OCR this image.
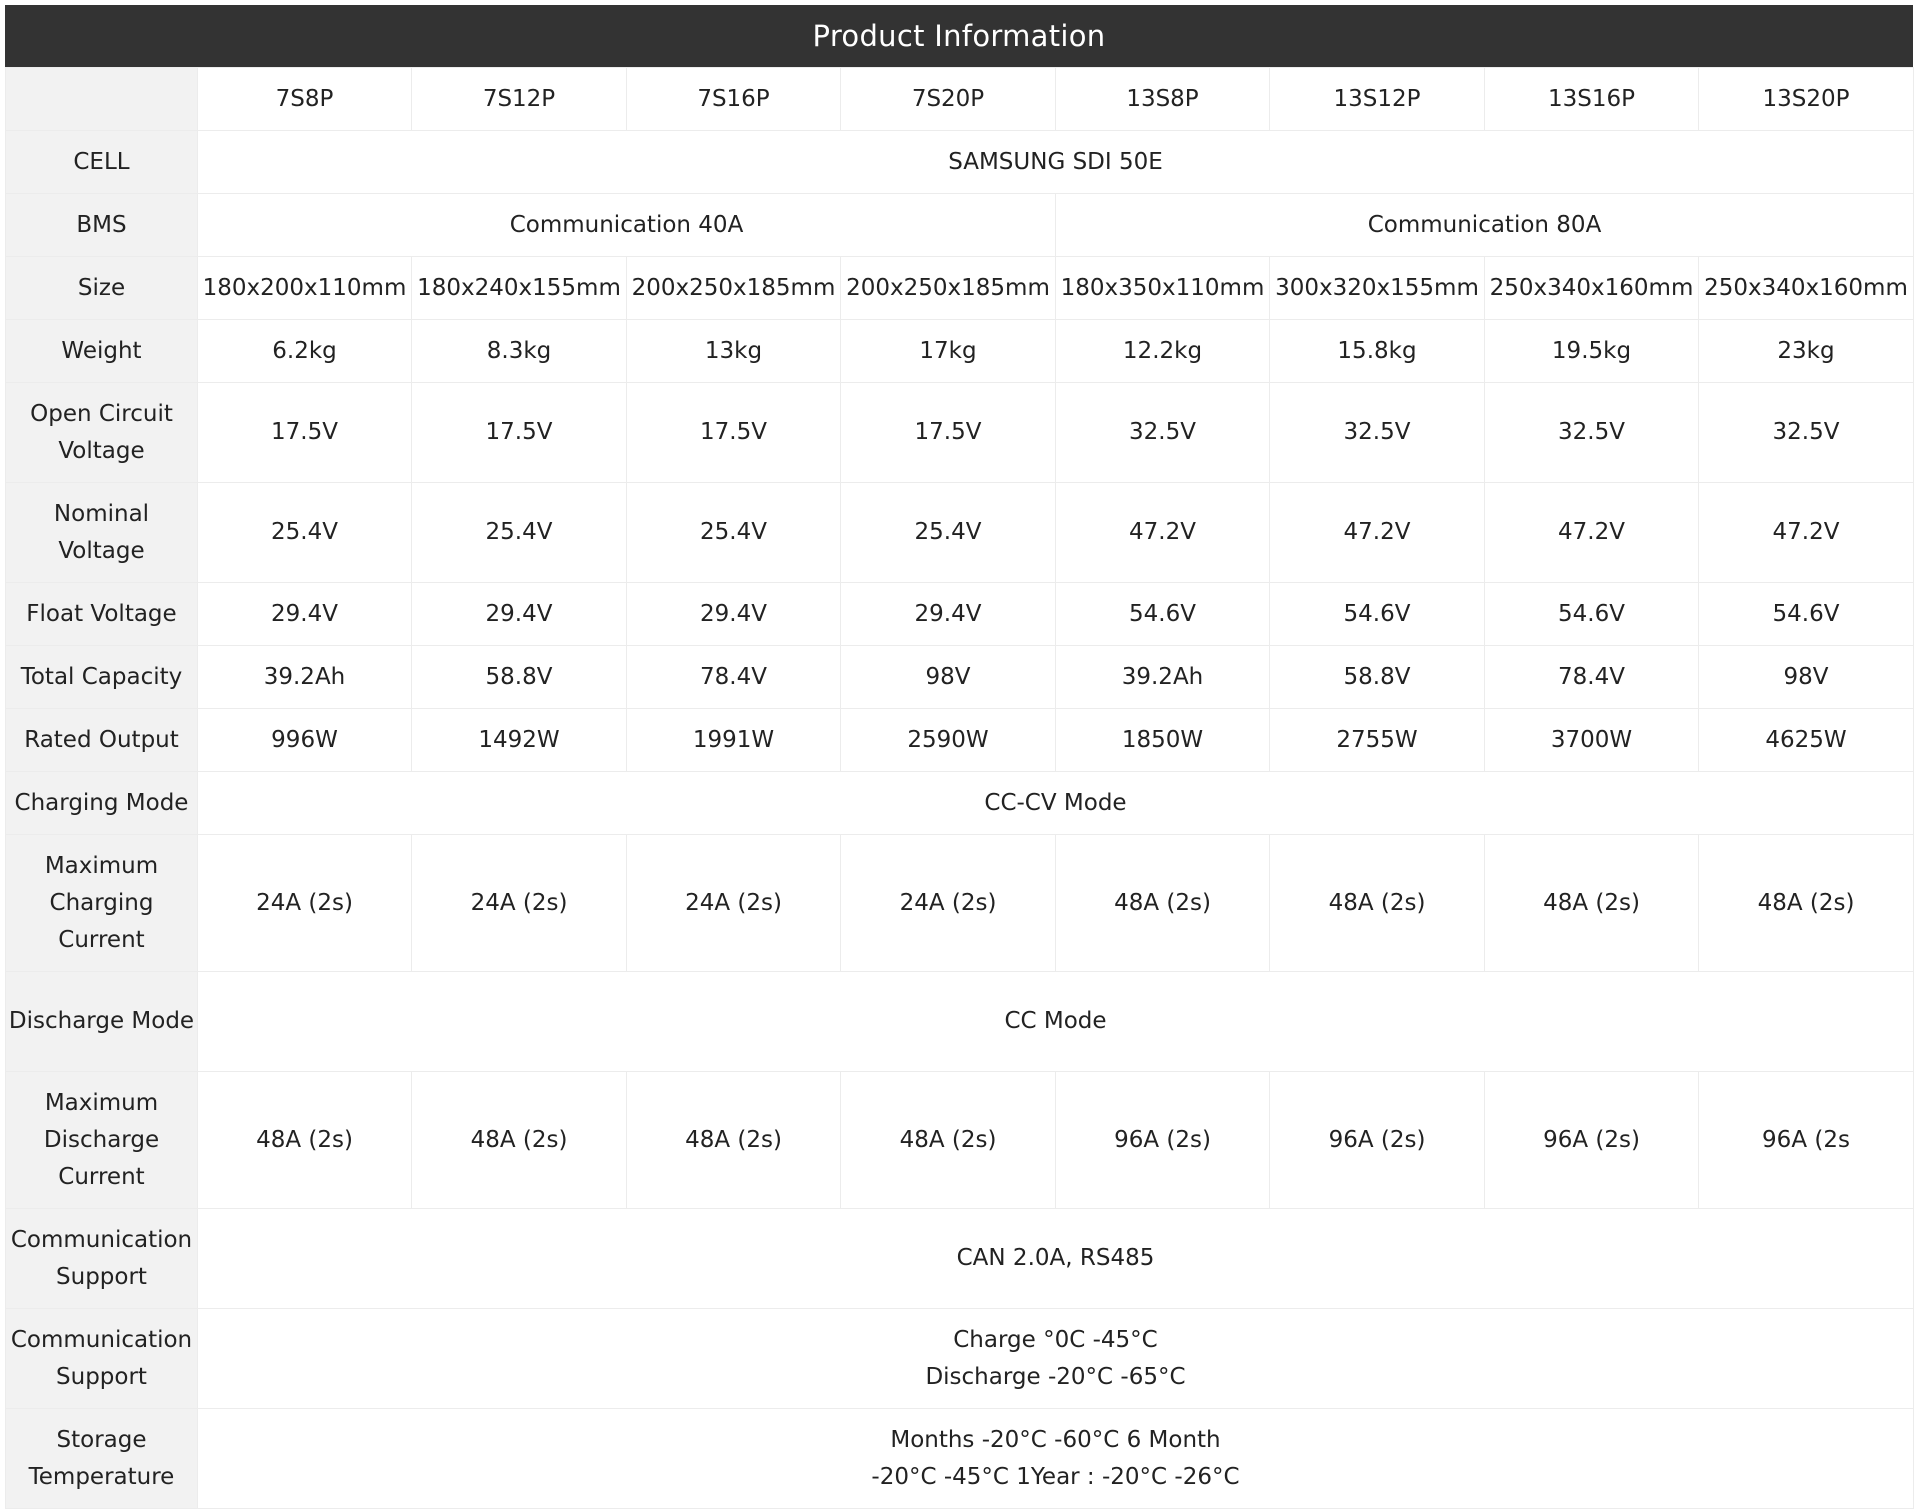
Product Information
	7S8P	7S12P	7S16P	7S20P	13S8P	13S12P	13S16P	13S20P
CELL	SAMSUNG SDI 50E							
BMS	Communication 40A				Communication 80A			
Size	180x200x110mm	180x240x155mm	200x250x185mm	200x250x185mm	180x350x110mm	300x320x155mm	250x340x160mm	250x340x160mm
Weight	6.2kg	8.3kg	13kg	17kg	12.2kg	15.8kg	19.5kg	23kg
Open Circuit Voltage	17.5V	17.5V	17.5V	17.5V	32.5V	32.5V	32.5V	32.5V
Nominal Voltage	25.4V	25.4V	25.4V	25.4V	47.2V	47.2V	47.2V	47.2V
Float Voltage	29.4V	29.4V	29.4V	29.4V	54.6V	54.6V	54.6V	54.6V
Total Capacity	39.2Ah	58.8V	78.4V	98V	39.2Ah	58.8V	78.4V	98V
Rated Output	996W	1492W	1991W	2590W	1850W	2755W	3700W	4625W
Charging Mode	CC-CV Mode							
Maximum Charging Current	24A (2s)	24A (2s)	24A (2s)	24A (2s)	48A (2s)	48A (2s)	48A (2s)	48A (2s)
Discharge Mode	CC Mode							
Maximum Discharge Current	48A (2s)	48A (2s)	48A (2s)	48A (2s)	96A (2s)	96A (2s)	96A (2s)	96A (2s
Communication Support	CAN 2.0A, RS485							
Communication Support	Charge °0C -45°C
Discharge -20°C -65°C							
Storage Temperature	Months -20°C -60°C 6 Month
-20°C -45°C 1Year : -20°C -26°C							
